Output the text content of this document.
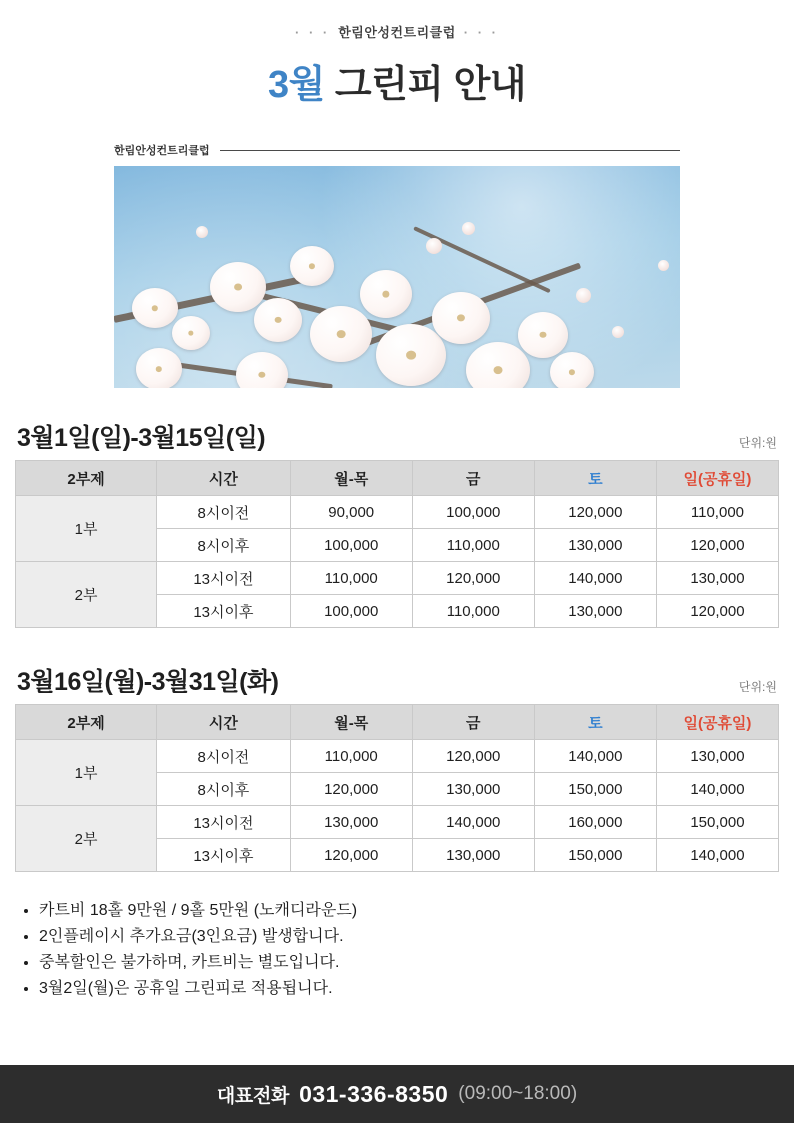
· · · 한림안성컨트리클럽 · · ·
3월 그린피 안내
한림안성컨트리클럽
3월1일(일)-3월15일(일)	단위:원
2부제	시간	월-목	금	토	일(공휴일)
1부	8시이전	90,000	100,000	120,000	110,000
	8시이후	100,000	110,000	130,000	120,000
2부	13시이전	110,000	120,000	140,000	130,000
	13시이후	100,000	110,000	130,000	120,000
3월16일(월)-3월31일(화)	단위:원
2부제	시간	월-목	금	토	일(공휴일)
1부	8시이전	110,000	120,000	140,000	130,000
	8시이후	120,000	130,000	150,000	140,000
2부	13시이전	130,000	140,000	160,000	150,000
	13시이후	120,000	130,000	150,000	140,000
• 카트비 18홀 9만원 / 9홀 5만원 (노캐디라운드)
• 2인플레이시 추가요금(3인요금) 발생합니다.
• 중복할인은 불가하며, 카트비는 별도입니다.
• 3월2일(월)은 공휴일 그린피로 적용됩니다.
대표전화 031-336-8350 (09:00~18:00)
